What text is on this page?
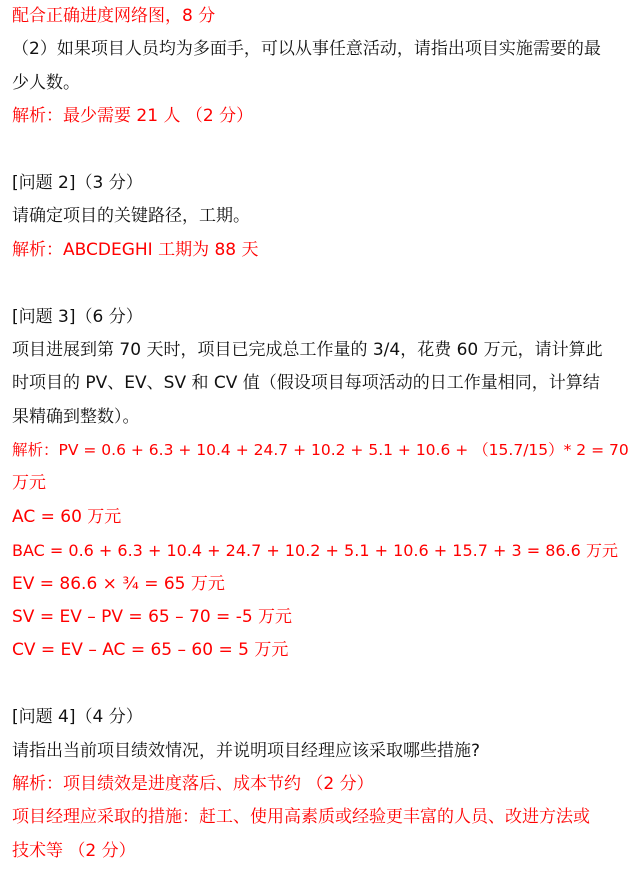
配合正确进度网络图，8 分
（2）如果项目人员均为多面手，可以从事任意活动，请指出项目实施需要的最
少人数。
解析：最少需要 21 人 （2 分）
[问题 2]（3 分）
请确定项目的关键路径，工期。
解析：ABCDEGHI 工期为 88 天
[问题 3]（6 分）
项目进展到第 70 天时，项目已完成总工作量的 3/4，花费 60 万元，请计算此
时项目的 PV、EV、SV 和 CV 值（假设项目每项活动的日工作量相同，计算结
果精确到整数）。
解析：PV = 0.6 + 6.3 + 10.4 + 24.7 + 10.2 + 5.1 + 10.6 + （15.7/15）* 2 = 70
万元
AC = 60 万元
BAC = 0.6 + 6.3 + 10.4 + 24.7 + 10.2 + 5.1 + 10.6 + 15.7 + 3 = 86.6 万元
EV = 86.6 × ¾ = 65 万元
SV = EV – PV = 65 – 70 = -5 万元
CV = EV – AC = 65 – 60 = 5 万元
[问题 4]（4 分）
请指出当前项目绩效情况，并说明项目经理应该采取哪些措施?
解析：项目绩效是进度落后、成本节约 （2 分）
项目经理应采取的措施：赶工、使用高素质或经验更丰富的人员、改进方法或
技术等 （2 分）
